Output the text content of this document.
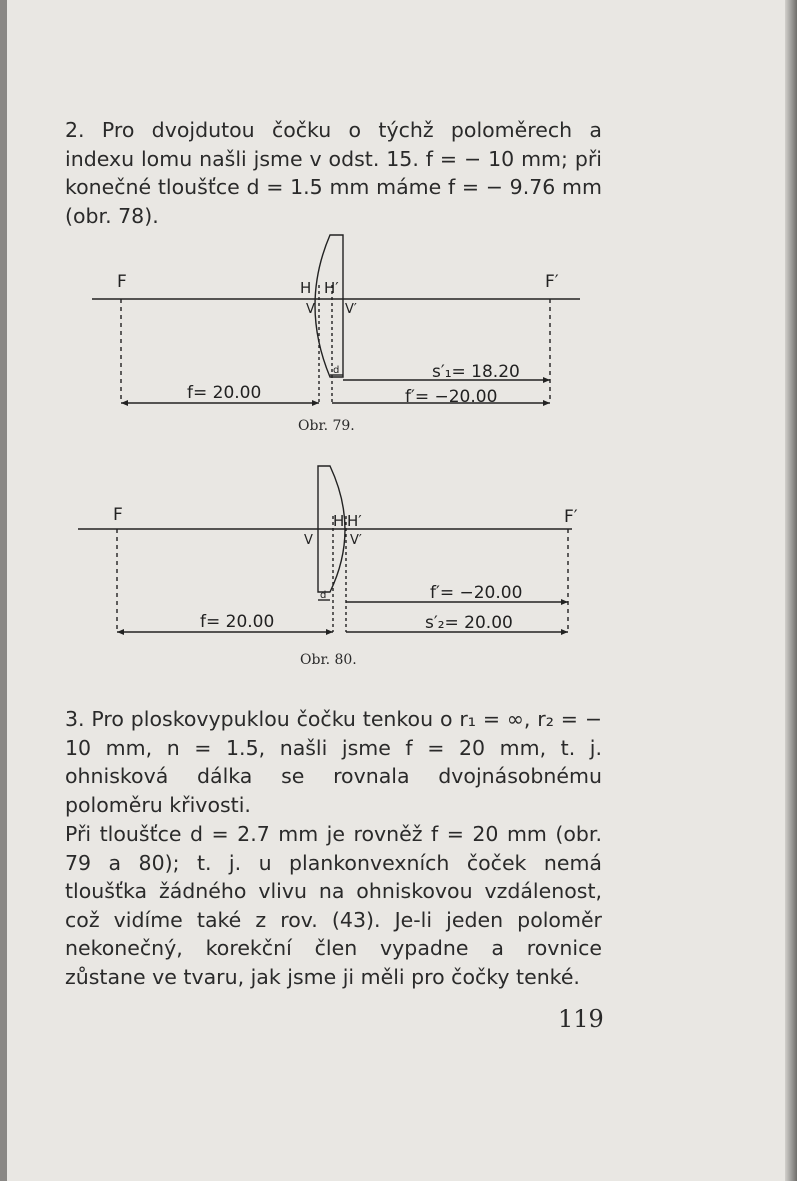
2. Pro dvojdutou čočku o týchž poloměrech a indexu lomu našli jsme v odst. 15. f = − 10 mm; při konečné tloušťce d = 1.5 mm máme f = − 9.76 mm (obr. 78).

F	F′
H H′
V V′
d
f= 20.00	f′= −20.00
s′₁= 18.20
Obr. 79.
F	F′
H H′
V	V′
d
f= 20.00
f′= −20.00
s′₂= 20.00
Obr. 80.

3. Pro ploskovypuklou čočku tenkou o r₁ = ∞, r₂ = − 10 mm, n = 1.5, našli jsme f = 20 mm, t. j. ohnisková dálka se rovnala dvojnásobnému poloměru křivosti.

Při tloušťce d = 2.7 mm je rovněž f = 20 mm (obr. 79 a 80); t. j. u plankonvexních čoček nemá tloušťka žádného vlivu na ohniskovou vzdálenost, což vidíme také z rov. (43). Je-li jeden poloměr nekonečný, korekční člen vypadne a rovnice zůstane ve tvaru, jak jsme ji měli pro čočky tenké.

119
